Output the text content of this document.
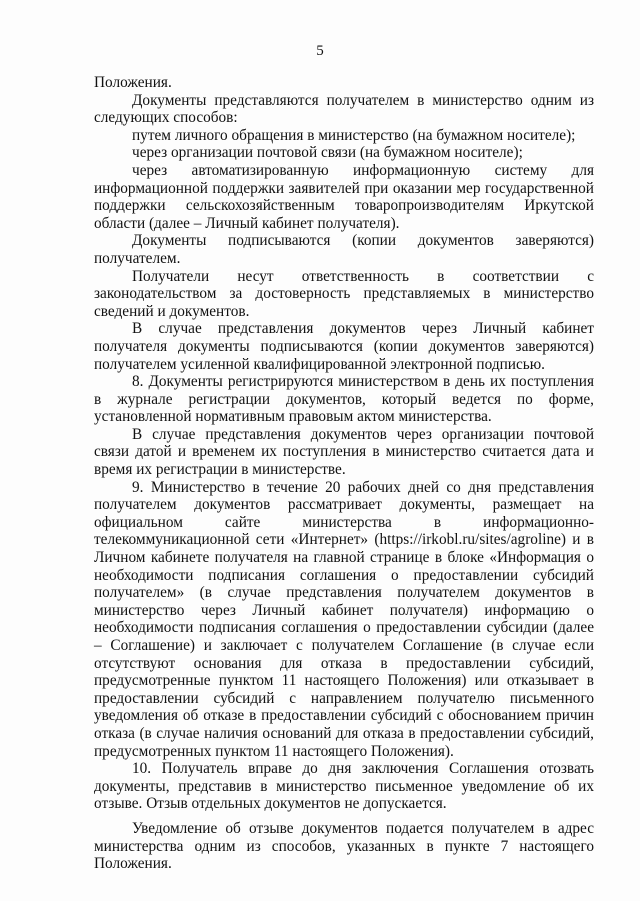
5

Положения.

Документы представляются получателем в министерство одним из следующих способов:

путем личного обращения в министерство (на бумажном носителе);

через организации почтовой связи (на бумажном носителе);

через автоматизированную информационную систему для информационной поддержки заявителей при оказании мер государственной поддержки сельскохозяйственным товаропроизводителям Иркутской области (далее – Личный кабинет получателя).

Документы подписываются (копии документов заверяются) получателем.

Получатели несут ответственность в соответствии с законодательством за достоверность представляемых в министерство сведений и документов.

В случае представления документов через Личный кабинет получателя документы подписываются (копии документов заверяются) получателем усиленной квалифицированной электронной подписью.

8. Документы регистрируются министерством в день их поступления в журнале регистрации документов, который ведется по форме, установленной нормативным правовым актом министерства.

В случае представления документов через организации почтовой связи датой и временем их поступления в министерство считается дата и время их регистрации в министерстве.

9. Министерство в течение 20 рабочих дней со дня представления получателем документов рассматривает документы, размещает на официальном сайте министерства в информационно-телекоммуникационной сети «Интернет» (https://irkobl.ru/sites/agroline) и в Личном кабинете получателя на главной странице в блоке «Информация о необходимости подписания соглашения о предоставлении субсидий получателем» (в случае представления получателем документов в министерство через Личный кабинет получателя) информацию о необходимости подписания соглашения о предоставлении субсидии (далее – Соглашение) и заключает с получателем Соглашение (в случае если отсутствуют основания для отказа в предоставлении субсидий, предусмотренные пунктом 11 настоящего Положения) или отказывает в предоставлении субсидий с направлением получателю письменного уведомления об отказе в предоставлении субсидий с обоснованием причин отказа (в случае наличия оснований для отказа в предоставлении субсидий, предусмотренных пунктом 11 настоящего Положения).

10. Получатель вправе до дня заключения Соглашения отозвать документы, представив в министерство письменное уведомление об их отзыве. Отзыв отдельных документов не допускается.

Уведомление об отзыве документов подается получателем в адрес министерства одним из способов, указанных в пункте 7 настоящего Положения.
